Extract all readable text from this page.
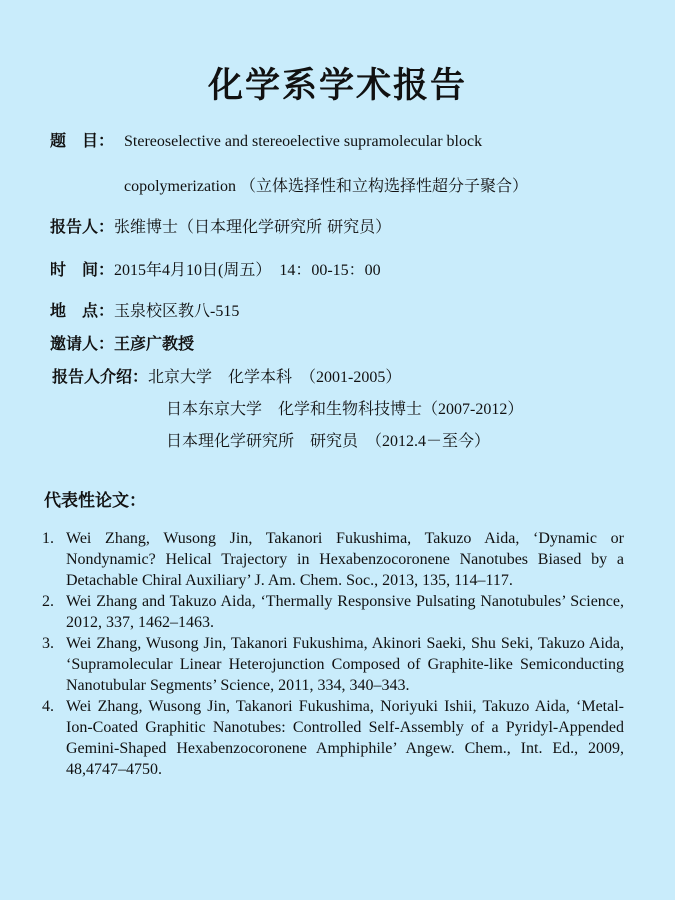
化学系学术报告
题　目： Stereoselective and stereoelective supramolecular block
copolymerization （立体选择性和立构选择性超分子聚合）
报告人：张维博士（日本理化学研究所 研究员）
时　间：2015年4月10日(周五）　14：00-15：00
地　点：玉泉校区教八-515
邀请人：王彦广教授
报告人介绍：北京大学　化学本科　（2001-2005）
日本东京大学　化学和生物科技博士（2007-2012）
日本理化学研究所　研究员　（2012.4－至今）
代表性论文：
1. Wei Zhang, Wusong Jin, Takanori Fukushima, Takuzo Aida, ‘Dynamic or Nondynamic? Helical Trajectory in Hexabenzocoronene Nanotubes Biased by a Detachable Chiral Auxiliary’ J. Am. Chem. Soc., 2013, 135, 114–117.
2. Wei Zhang and Takuzo Aida, ‘Thermally Responsive Pulsating Nanotubules’ Science, 2012, 337, 1462–1463.
3. Wei Zhang, Wusong Jin, Takanori Fukushima, Akinori Saeki, Shu Seki, Takuzo Aida, ‘Supramolecular Linear Heterojunction Composed of Graphite-like Semiconducting Nanotubular Segments’ Science, 2011, 334, 340–343.
4. Wei Zhang, Wusong Jin, Takanori Fukushima, Noriyuki Ishii, Takuzo Aida, ‘Metal-Ion-Coated Graphitic Nanotubes: Controlled Self-Assembly of a Pyridyl-Appended Gemini-Shaped Hexabenzocoronene Amphiphile’ Angew. Chem., Int. Ed., 2009, 48,4747–4750.
